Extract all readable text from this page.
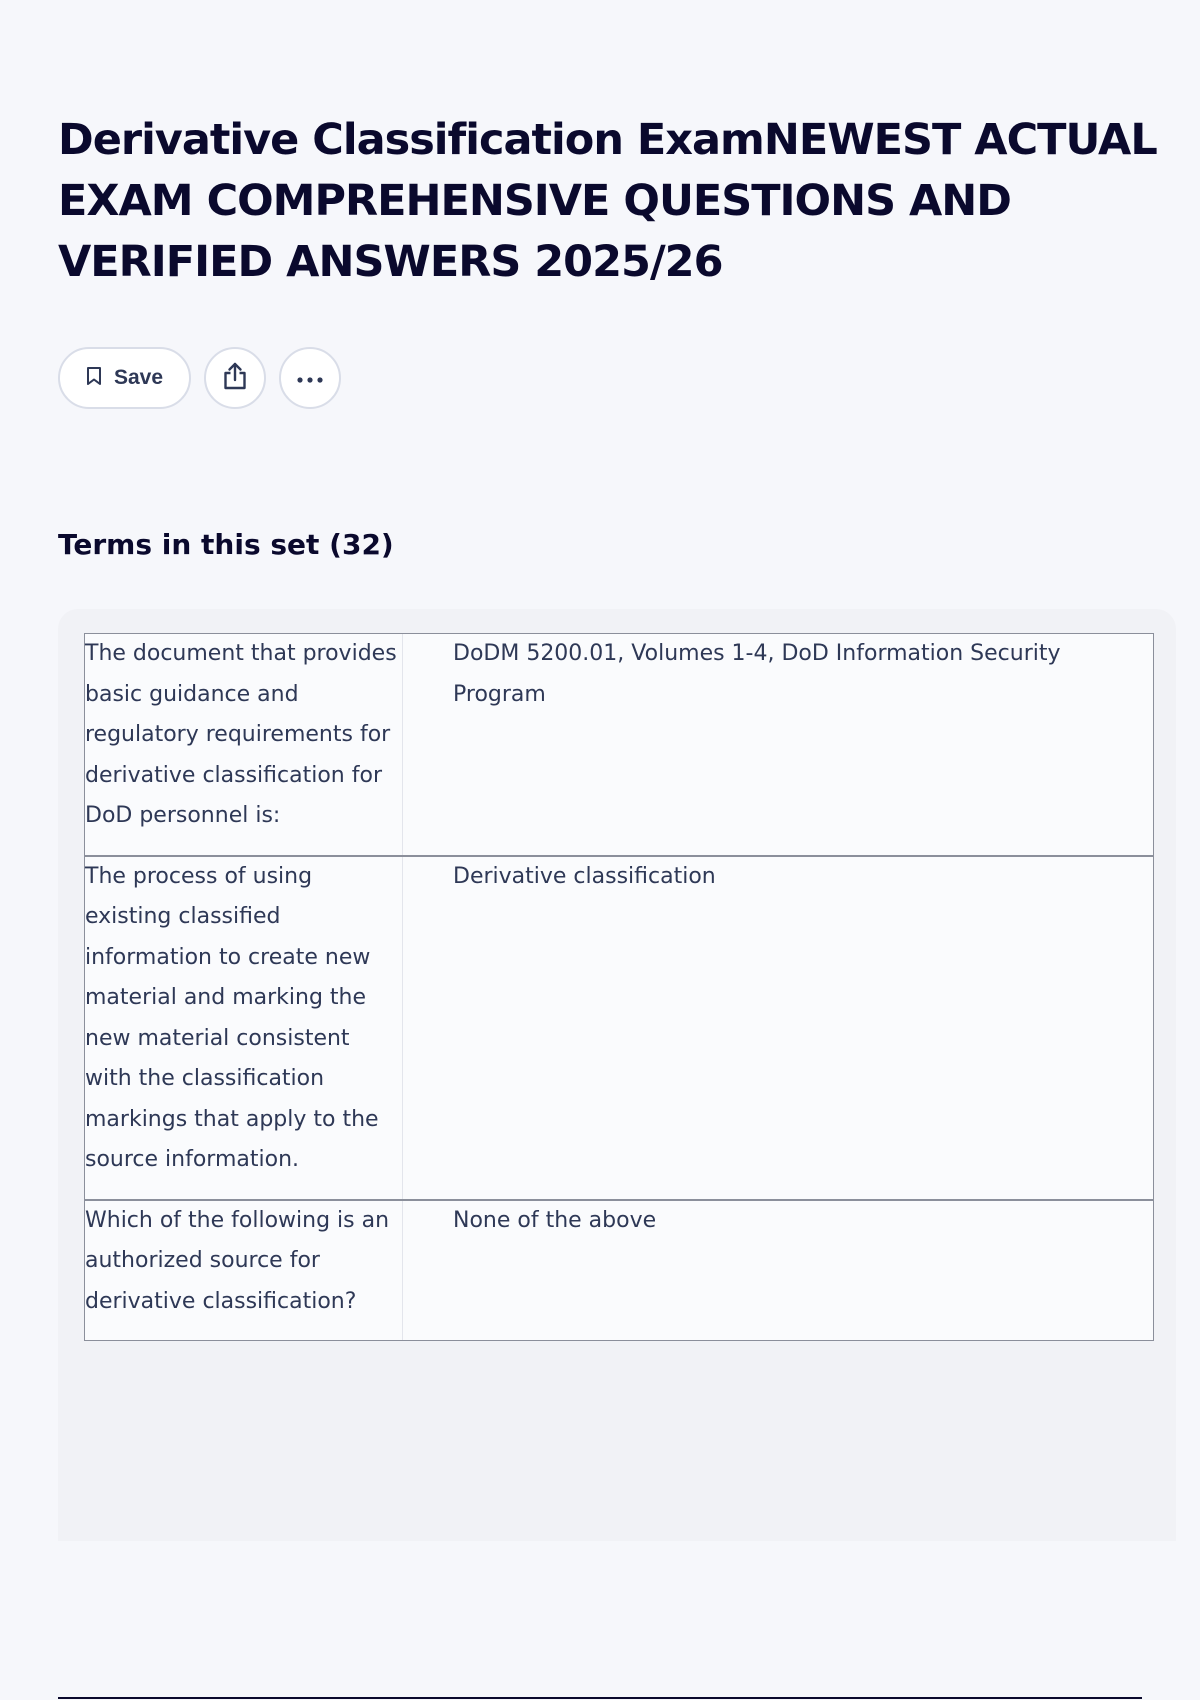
Derivative Classification ExamNEWEST ACTUAL EXAM COMPREHENSIVE QUESTIONS AND VERIFIED ANSWERS 2025/26
Save
Terms in this set (32)
The document that provides basic guidance and regulatory requirements for derivative classification for DoD personnel is:
DoDM 5200.01, Volumes 1-4, DoD Information Security Program
The process of using existing classified information to create new material and marking the new material consistent with the classification markings that apply to the source information.
Derivative classification
Which of the following is an authorized source for derivative classification?
None of the above
